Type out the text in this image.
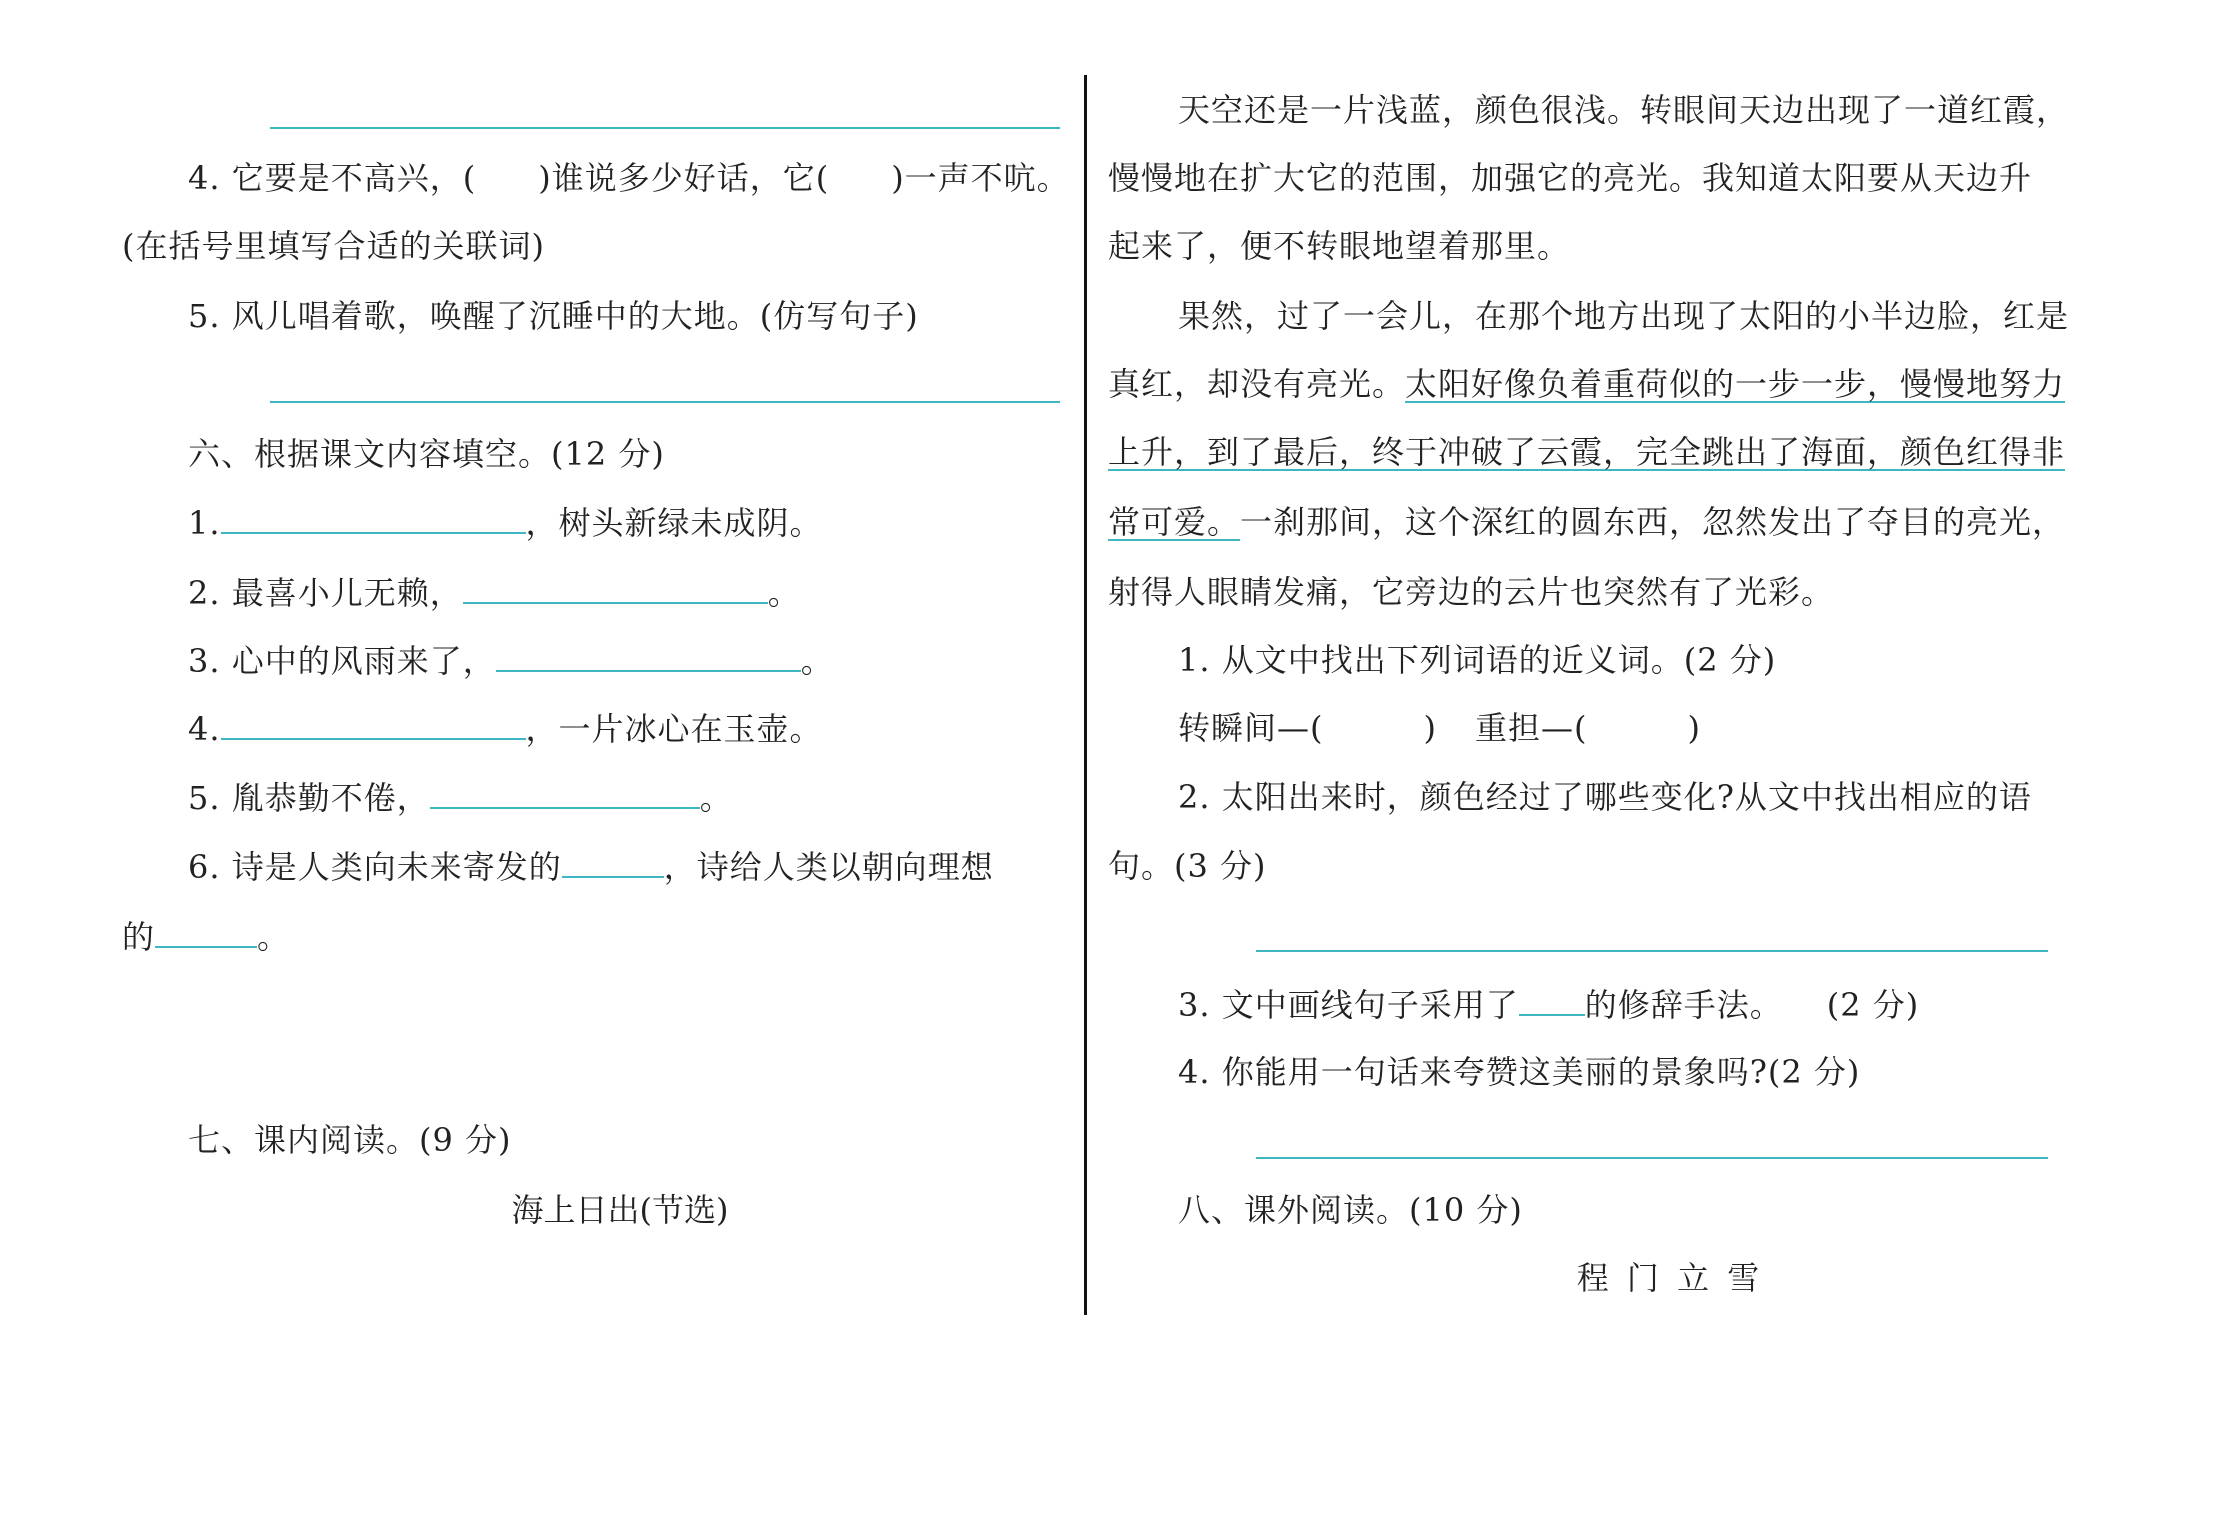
4. 它要是不高兴，( )谁说多少好话，它( )一声不吭。
(在括号里填写合适的关联词)
5. 风儿唱着歌，唤醒了沉睡中的大地。(仿写句子)
六、根据课文内容填空。(12 分)
1.	，树头新绿未成阴。
2. 最喜小儿无赖，	。
3. 心中的风雨来了，	。
4.	，一片冰心在玉壶。
5. 胤恭勤不倦，	。
6. 诗是人类向未来寄发的	，诗给人类以朝向理想
的	。
七、课内阅读。(9 分)
海上日出(节选)
天空还是一片浅蓝，颜色很浅。转眼间天边出现了一道红霞，
慢慢地在扩大它的范围，加强它的亮光。我知道太阳要从天边升
起来了，便不转眼地望着那里。
果然，过了一会儿，在那个地方出现了太阳的小半边脸，红是
真红，却没有亮光。太阳好像负着重荷似的一步一步，慢慢地努力
上升，到了最后，终于冲破了云霞，完全跳出了海面，颜色红得非
常可爱。一刹那间，这个深红的圆东西，忽然发出了夺目的亮光，
射得人眼睛发痛，它旁边的云片也突然有了光彩。
1. 从文中找出下列词语的近义词。(2 分)
转瞬间—(	) 重担—(	)
2. 太阳出来时，颜色经过了哪些变化?从文中找出相应的语
句。(3 分)
3. 文中画线句子采用了 的修辞手法。 (2 分)
4. 你能用一句话来夸赞这美丽的景象吗?(2 分)
八、课外阅读。(10 分)
程 门 立 雪
